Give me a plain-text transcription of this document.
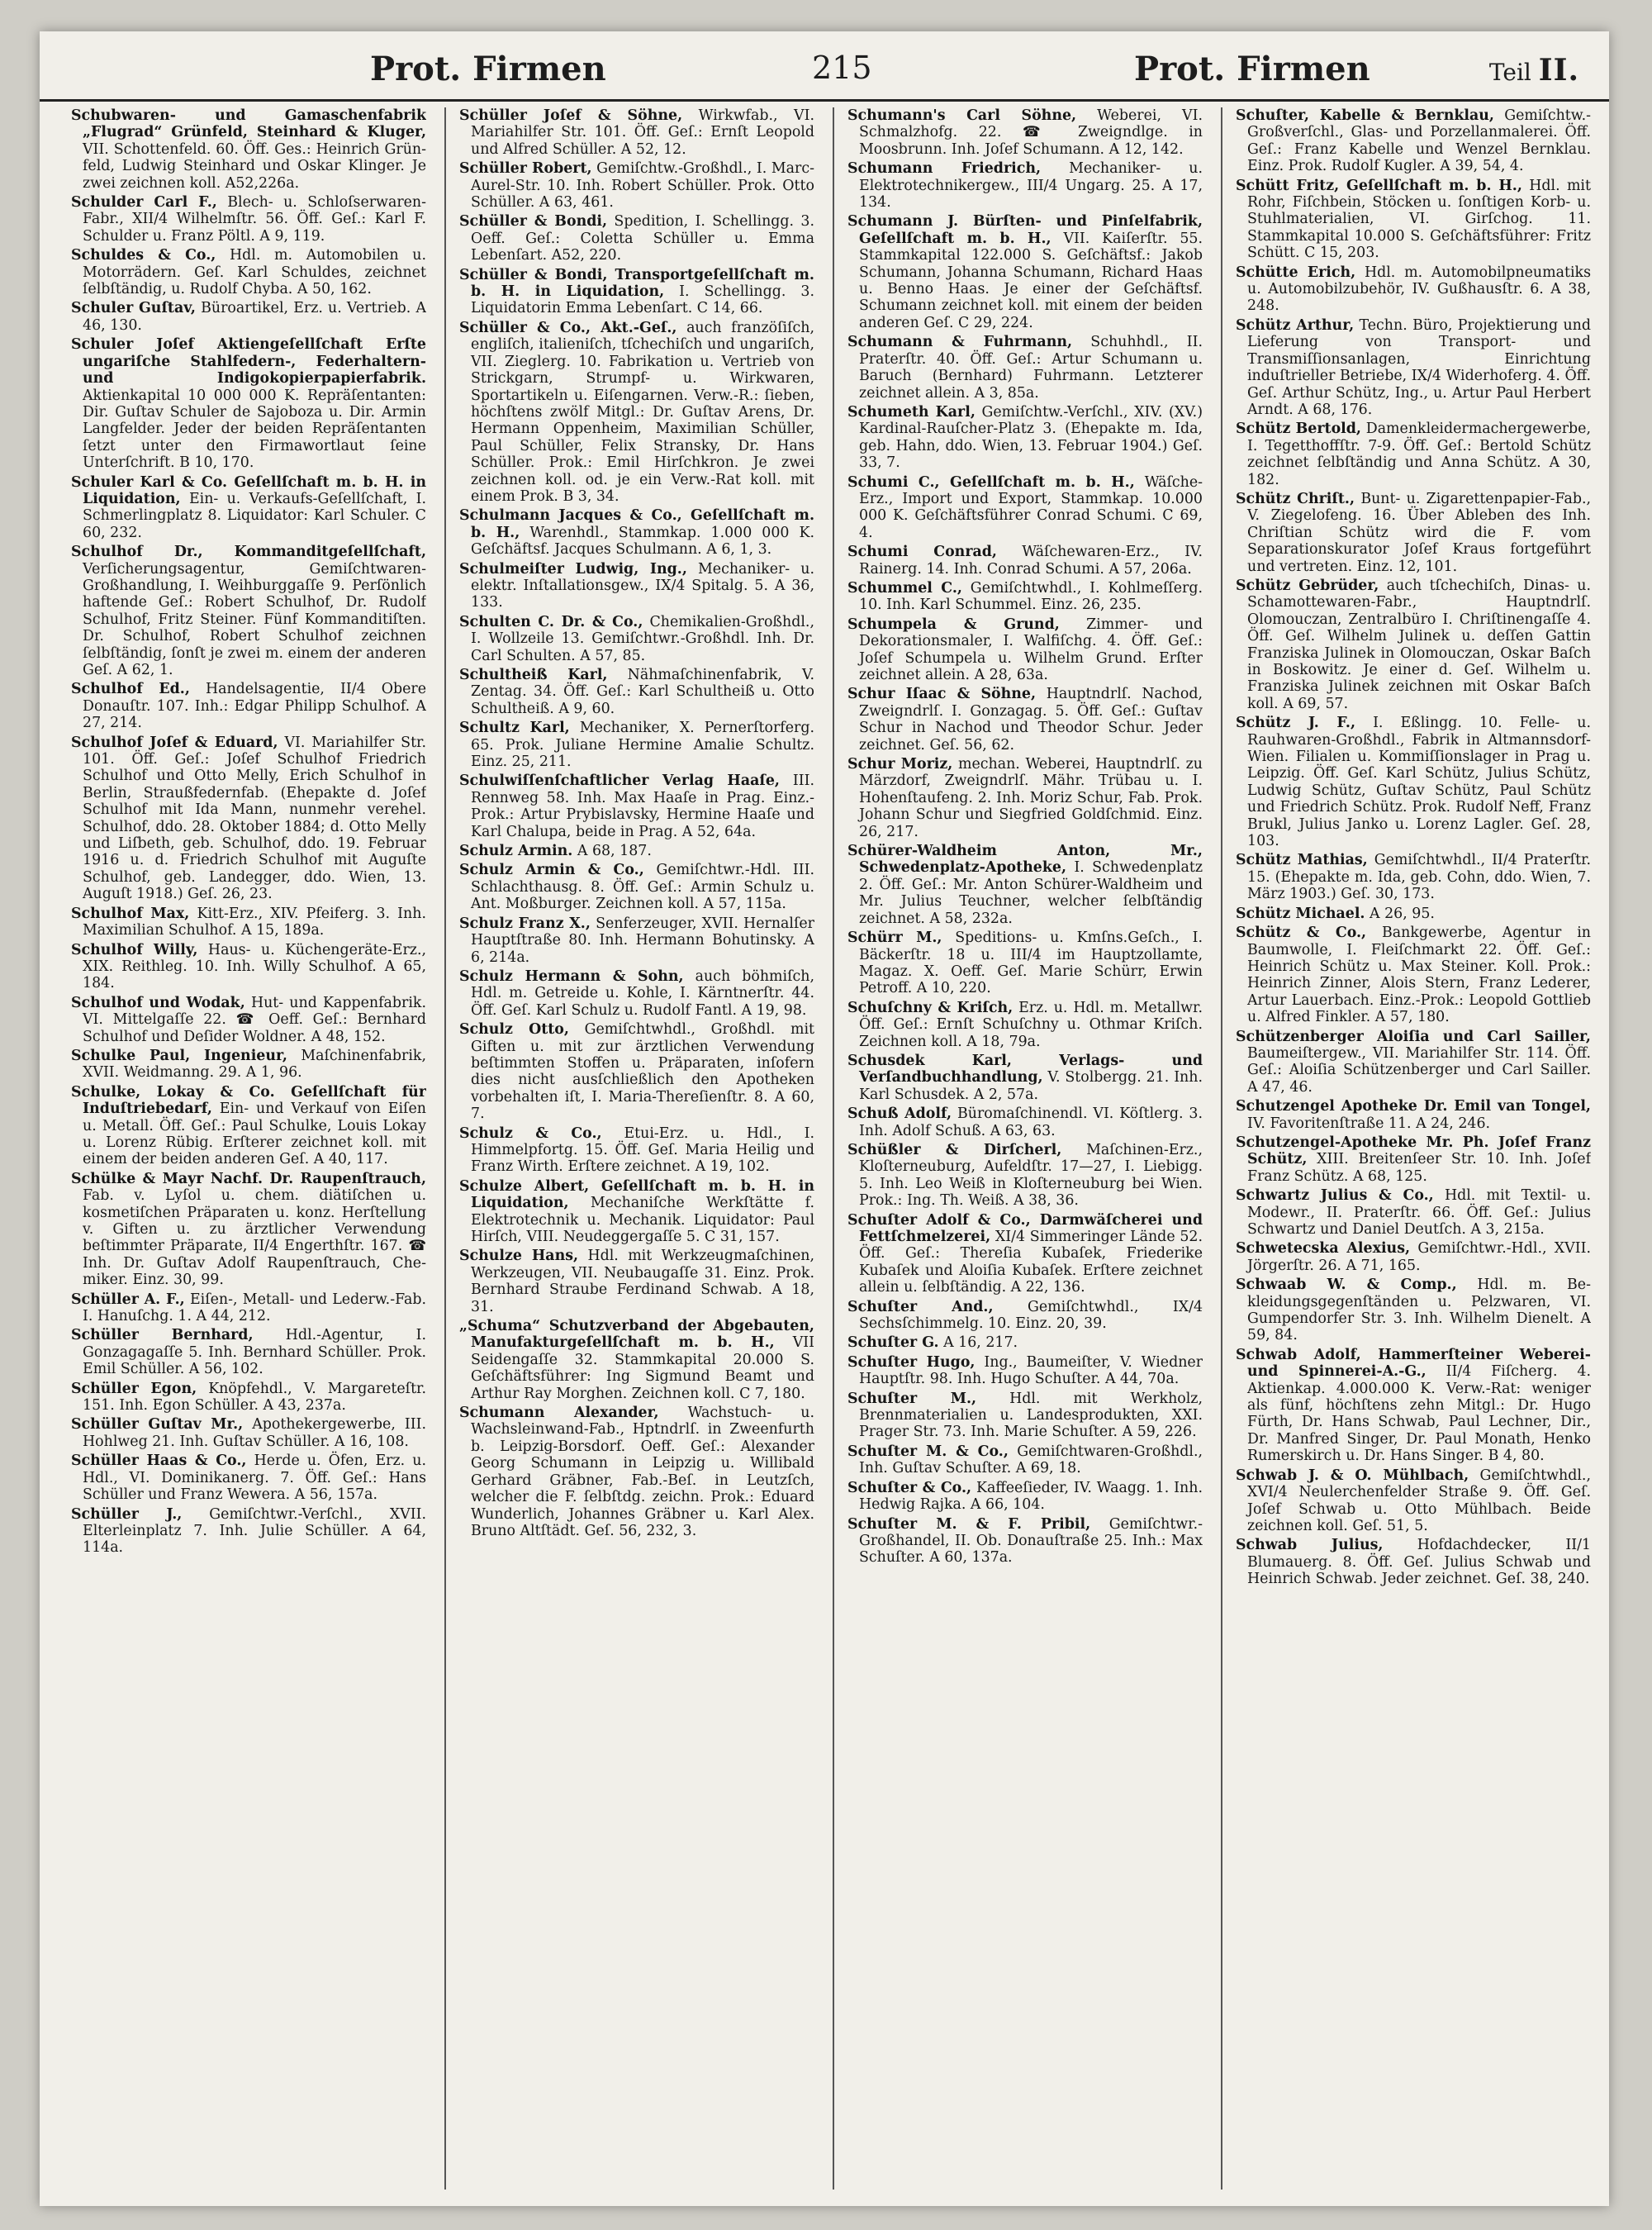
Prot. Firmen	215	Prot. Firmen	Teil II.

Schubwaren- und Gamaschenfabrik „Flugrad“ Grünfeld, Steinhard & Kluger, VII. Schottenfeld. 60. Öff. Ges.: Heinrich Grünfeld, Ludwig Steinhard und Oskar Klinger. Je zwei zeichnen koll. A52,226a.

Schulder Carl F., Blech- u. Schloſserwaren-Fabr., XII/4 Wilhelmſtr. 56. Öff. Geſ.: Karl F. Schulder u. Franz Pöltl. A 9, 119.

Schuldes & Co., Hdl. m. Automobilen u. Motorrädern. Geſ. Karl Schuldes, zeichnet ſelbſtändig, u. Rudolf Chyba. A 50, 162.

Schuler Guſtav, Büroartikel, Erz. u. Vertrieb. A 46, 130.

Schuler Joſef Aktiengeſellſchaft Erſte ungariſche Stahlfedern-, Federhaltern- und Indigokopierpapierfabrik. Aktienkapital 10 000 000 K. Repräſentanten: Dir. Guſtav Schuler de Sajoboza u. Dir. Armin Langfelder. Jeder der beiden Repräſentanten ſetzt unter den Firmawortlaut ſeine Unterſchrift. B 10, 170.

Schuler Karl & Co. Geſellſchaft m. b. H. in Liquidation, Ein- u. Verkaufs-Geſellſchaft, I. Schmerlingplatz 8. Liquidator: Karl Schuler. C 60, 232.

Schulhof Dr., Kommanditgeſellſchaft, Verſicherungsagentur, Gemiſchtwaren-Großhandlung, I. Weihburggaſſe 9. Perſönlich haftende Geſ.: Robert Schulhof, Dr. Rudolf Schulhof, Fritz Steiner. Fünf Kommanditiſten. Dr. Schulhof, Robert Schulhof zeichnen ſelbſtändig, ſonſt je zwei m. einem der anderen Geſ. A 62, 1.

Schulhof Ed., Handelsagentie, II/4 Obere Donauſtr. 107. Inh.: Edgar Philipp Schulhof. A 27, 214.

Schulhof Joſef & Eduard, VI. Mariahilfer Str. 101. Öff. Geſ.: Joſef Schulhof Friedrich Schulhof und Otto Melly, Erich Schulhof in Berlin, Straußfedernfab. (Ehepakte d. Joſef Schulhof mit Ida Mann, nunmehr verehel. Schulhof, ddo. 28. Oktober 1884; d. Otto Melly und Liſbeth, geb. Schulhof, ddo. 19. Februar 1916 u. d. Friedrich Schulhof mit Auguſte Schulhof, geb. Landegger, ddo. Wien, 13. Auguſt 1918.) Geſ. 26, 23.

Schulhof Max, Kitt-Erz., XIV. Pfeiferg. 3. Inh. Maximilian Schulhof. A 15, 189a.

Schulhof Willy, Haus- u. Küchengeräte-Erz., XIX. Reithleg. 10. Inh. Willy Schulhof. A 65, 184.

Schulhof und Wodak, Hut- und Kappenfabrik. VI. Mittelgaſſe 22. ☎ Oeff. Geſ.: Bernhard Schulhof und Deſider Woldner. A 48, 152.

Schulke Paul, Ingenieur, Maſchinenfabrik, XVII. Weidmanng. 29. A 1, 96.

Schulke, Lokay & Co. Geſellſchaft für Induſtriebedarf, Ein- und Verkauf von Eiſen u. Metall. Öff. Geſ.: Paul Schulke, Louis Lokay u. Lorenz Rübig. Erſterer zeichnet koll. mit einem der beiden anderen Geſ. A 40, 117.

Schülke & Mayr Nachf. Dr. Raupenſtrauch, Fab. v. Lyſol u. chem. diätiſchen u. kosmetiſchen Präparaten u. konz. Herſtellung v. Giften u. zu ärztlicher Verwendung beſtimmter Präparate, II/4 Engerthſtr. 167. ☎ Inh. Dr. Guſtav Adolf Raupenſtrauch, Chemiker. Einz. 30, 99.

Schüller A. F., Eiſen-, Metall- und Lederw.-Fab. I. Hanuſchg. 1. A 44, 212.

Schüller Bernhard, Hdl.-Agentur, I. Gonzagagaſſe 5. Inh. Bernhard Schüller. Prok. Emil Schüller. A 56, 102.

Schüller Egon, Knöpfehdl., V. Margareteſtr. 151. Inh. Egon Schüller. A 43, 237a.

Schüller Guſtav Mr., Apothekergewerbe, III. Hohlweg 21. Inh. Guſtav Schüller. A 16, 108.

Schüller Haas & Co., Herde u. Öfen, Erz. u. Hdl., VI. Dominikanerg. 7. Öff. Geſ.: Hans Schüller und Franz Wewera. A 56, 157a.

Schüller J., Gemiſchtwr.-Verſchl., XVII. Elterleinplatz 7. Inh. Julie Schüller. A 64, 114a.

Schüller Joſef & Söhne, Wirkwfab., VI. Mariahilfer Str. 101. Öff. Geſ.: Ernſt Leopold und Alfred Schüller. A 52, 12.

Schüller Robert, Gemiſchtw.-Großhdl., I. Marc-Aurel-Str. 10. Inh. Robert Schüller. Prok. Otto Schüller. A 63, 461.

Schüller & Bondi, Spedition, I. Schellingg. 3. Oeff. Geſ.: Coletta Schüller u. Emma Lebenſart. A52, 220.

Schüller & Bondi, Transportgeſellſchaft m. b. H. in Liquidation, I. Schellingg. 3. Liquidatorin Emma Lebenſart. C 14, 66.

Schüller & Co., Akt.-Geſ., auch franzöſiſch, engliſch, italieniſch, tſchechiſch und ungariſch, VII. Zieglerg. 10. Fabrikation u. Vertrieb von Strickgarn, Strumpf- u. Wirkwaren, Sportartikeln u. Eiſengarnen. Verw.-R.: ſieben, höchſtens zwölf Mitgl.: Dr. Guſtav Arens, Dr. Hermann Oppenheim, Maximilian Schüller, Paul Schüller, Felix Stransky, Dr. Hans Schüller. Prok.: Emil Hirſchkron. Je zwei zeichnen koll. od. je ein Verw.-Rat koll. mit einem Prok. B 3, 34.

Schulmann Jacques & Co., Geſellſchaft m. b. H., Warenhdl., Stammkap. 1.000 000 K. Geſchäftsf. Jacques Schulmann. A 6, 1, 3.

Schulmeiſter Ludwig, Ing., Mechaniker- u. elektr. Inſtallationsgew., IX/4 Spitalg. 5. A 36, 133.

Schulten C. Dr. & Co., Chemikalien-Großhdl., I. Wollzeile 13. Gemiſchtwr.-Großhdl. Inh. Dr. Carl Schulten. A 57, 85.

Schultheiß Karl, Nähmaſchinenfabrik, V. Zentag. 34. Öff. Geſ.: Karl Schultheiß u. Otto Schultheiß. A 9, 60.

Schultz Karl, Mechaniker, X. Pernerſtorferg. 65. Prok. Juliane Hermine Amalie Schultz. Einz. 25, 211.

Schulwiſſenſchaftlicher Verlag Haaſe, III. Rennweg 58. Inh. Max Haaſe in Prag. Einz.-Prok.: Artur Prybislavsky, Hermine Haaſe und Karl Chalupa, beide in Prag. A 52, 64a.

Schulz Armin. A 68, 187.

Schulz Armin & Co., Gemiſchtwr.-Hdl. III. Schlachthausg. 8. Öff. Geſ.: Armin Schulz u. Ant. Moßburger. Zeichnen koll. A 57, 115a.

Schulz Franz X., Senferzeuger, XVII. Hernalſer Hauptſtraße 80. Inh. Hermann Bohutinsky. A 6, 214a.

Schulz Hermann & Sohn, auch böhmiſch, Hdl. m. Getreide u. Kohle, I. Kärntnerſtr. 44. Öff. Geſ. Karl Schulz u. Rudolf Fantl. A 19, 98.

Schulz Otto, Gemiſchtwhdl., Großhdl. mit Giften u. mit zur ärztlichen Verwendung beſtimmten Stoffen u. Präparaten, inſofern dies nicht ausſchließlich den Apotheken vorbehalten iſt, I. Maria-Thereſienſtr. 8. A 60, 7.

Schulz & Co., Etui-Erz. u. Hdl., I. Himmelpfortg. 15. Öff. Geſ. Maria Heilig und Franz Wirth. Erſtere zeichnet. A 19, 102.

Schulze Albert, Geſellſchaft m. b. H. in Liquidation, Mechaniſche Werkſtätte f. Elektrotechnik u. Mechanik. Liquidator: Paul Hirſch, VIII. Neudeggergaſſe 5. C 31, 157.

Schulze Hans, Hdl. mit Werkzeugmaſchinen, Werkzeugen, VII. Neubaugaſſe 31. Einz. Prok. Bernhard Straube Ferdinand Schwab. A 18, 31.

„Schuma“ Schutzverband der Abgebauten, Manufakturgeſellſchaft m. b. H., VII Seidengaſſe 32. Stammkapital 20.000 S. Geſchäftsführer: Ing Sigmund Beamt und Arthur Ray Morghen. Zeichnen koll. C 7, 180.

Schumann Alexander, Wachstuch- u. Wachsleinwand-Fab., Hptndrlſ. in Zweenfurth b. Leipzig-Borsdorf. Oeff. Geſ.: Alexander Georg Schumann in Leipzig u. Willibald Gerhard Gräbner, Fab.-Beſ. in Leutzſch, welcher die F. ſelbſtdg. zeichn. Prok.: Eduard Wunderlich, Johannes Gräbner u. Karl Alex. Bruno Altſtädt. Geſ. 56, 232, 3.

Schumann's Carl Söhne, Weberei, VI. Schmalzhofg. 22. ☎ Zweigndlge. in Moosbrunn. Inh. Joſef Schumann. A 12, 142.

Schumann Friedrich, Mechaniker- u. Elektrotechnikergew., III/4 Ungarg. 25. A 17, 134.

Schumann J. Bürſten- und Pinſelfabrik, Geſellſchaft m. b. H., VII. Kaiſerſtr. 55. Stammkapital 122.000 S. Geſchäftsf.: Jakob Schumann, Johanna Schumann, Richard Haas u. Benno Haas. Je einer der Geſchäftsf. Schumann zeichnet koll. mit einem der beiden anderen Geſ. C 29, 224.

Schumann & Fuhrmann, Schuhhdl., II. Praterſtr. 40. Öff. Geſ.: Artur Schumann u. Baruch (Bernhard) Fuhrmann. Letzterer zeichnet allein. A 3, 85a.

Schumeth Karl, Gemiſchtw.-Verſchl., XIV. (XV.) Kardinal-Rauſcher-Platz 3. (Ehepakte m. Ida, geb. Hahn, ddo. Wien, 13. Februar 1904.) Geſ. 33, 7.

Schumi C., Geſellſchaft m. b. H., Wäſche-Erz., Import und Export, Stammkap. 10.000 000 K. Geſchäftsführer Conrad Schumi. C 69, 4.

Schumi Conrad, Wäſchewaren-Erz., IV. Rainerg. 14. Inh. Conrad Schumi. A 57, 206a.

Schummel C., Gemiſchtwhdl., I. Kohlmeſſerg. 10. Inh. Karl Schummel. Einz. 26, 235.

Schumpela & Grund, Zimmer- und Dekorationsmaler, I. Walfiſchg. 4. Öff. Geſ.: Joſef Schumpela u. Wilhelm Grund. Erſter zeichnet allein. A 28, 63a.

Schur Iſaac & Söhne, Hauptndrlſ. Nachod, Zweigndrlſ. I. Gonzagag. 5. Öff. Geſ.: Guſtav Schur in Nachod und Theodor Schur. Jeder zeichnet. Geſ. 56, 62.

Schur Moriz, mechan. Weberei, Hauptndrlſ. zu Märzdorf, Zweigndrlſ. Mähr. Trübau u. I. Hohenſtaufeng. 2. Inh. Moriz Schur, Fab. Prok. Johann Schur und Siegfried Goldſchmid. Einz. 26, 217.

Schürer-Waldheim Anton, Mr., Schwedenplatz-Apotheke, I. Schwedenplatz 2. Öff. Geſ.: Mr. Anton Schürer-Waldheim und Mr. Julius Teuchner, welcher ſelbſtändig zeichnet. A 58, 232a.

Schürr M., Speditions- u. Kmſns.Geſch., I. Bäckerſtr. 18 u. III/4 im Hauptzollamte, Magaz. X. Oeff. Geſ. Marie Schürr, Erwin Petroff. A 10, 220.

Schuſchny & Kriſch, Erz. u. Hdl. m. Metallwr. Öff. Geſ.: Ernſt Schuſchny u. Othmar Kriſch. Zeichnen koll. A 18, 79a.

Schusdek Karl, Verlags- und Verſandbuchhandlung, V. Stolbergg. 21. Inh. Karl Schusdek. A 2, 57a.

Schuß Adolf, Büromaſchinendl. VI. Köſtlerg. 3. Inh. Adolf Schuß. A 63, 63.

Schüßler & Dirſcherl, Maſchinen-Erz., Kloſterneuburg, Aufeldſtr. 17—27, I. Liebigg. 5. Inh. Leo Weiß in Kloſterneuburg bei Wien. Prok.: Ing. Th. Weiß. A 38, 36.

Schuſter Adolf & Co., Darmwäſcherei und Fettſchmelzerei, XI/4 Simmeringer Lände 52. Öff. Geſ.: Thereſia Kubaſek, Friederike Kubaſek und Aloiſia Kubaſek. Erſtere zeichnet allein u. ſelbſtändig. A 22, 136.

Schuſter And., Gemiſchtwhdl., IX/4 Sechsſchimmelg. 10. Einz. 20, 39.

Schuſter G. A 16, 217.

Schuſter Hugo, Ing., Baumeiſter, V. Wiedner Hauptſtr. 98. Inh. Hugo Schuſter. A 44, 70a.

Schuſter M., Hdl. mit Werkholz, Brennmaterialien u. Landesprodukten, XXI. Prager Str. 73. Inh. Marie Schuſter. A 59, 226.

Schuſter M. & Co., Gemiſchtwaren-Großhdl., Inh. Guſtav Schuſter. A 69, 18.

Schuſter & Co., Kaffeeſieder, IV. Waagg. 1. Inh. Hedwig Rajka. A 66, 104.

Schuſter M. & F. Pribil, Gemiſchtwr.-Großhandel, II. Ob. Donauſtraße 25. Inh.: Max Schuſter. A 60, 137a.

Schuſter, Kabelle & Bernklau, Gemiſchtw.-Großverſchl., Glas- und Porzellanmalerei. Öff. Geſ.: Franz Kabelle und Wenzel Bernklau. Einz. Prok. Rudolf Kugler. A 39, 54, 4.

Schütt Fritz, Geſellſchaft m. b. H., Hdl. mit Rohr, Fiſchbein, Stöcken u. ſonſtigen Korb- u. Stuhlmaterialien, VI. Girſchog. 11. Stammkapital 10.000 S. Geſchäftsführer: Fritz Schütt. C 15, 203.

Schütte Erich, Hdl. m. Automobilpneumatiks u. Automobilzubehör, IV. Gußhausſtr. 6. A 38, 248.

Schütz Arthur, Techn. Büro, Projektierung und Lieferung von Transport- und Transmiſſionsanlagen, Einrichtung induſtrieller Betriebe, IX/4 Widerhoferg. 4. Öff. Geſ. Arthur Schütz, Ing., u. Artur Paul Herbert Arndt. A 68, 176.

Schütz Bertold, Damenkleidermachergewerbe, I. Tegetthoffſtr. 7-9. Öff. Geſ.: Bertold Schütz zeichnet ſelbſtändig und Anna Schütz. A 30, 182.

Schütz Chriſt., Bunt- u. Zigarettenpapier-Fab., V. Ziegelofeng. 16. Über Ableben des Inh. Chriſtian Schütz wird die F. vom Separationskurator Joſef Kraus fortgeführt und vertreten. Einz. 12, 101.

Schütz Gebrüder, auch tſchechiſch, Dinas- u. Schamottewaren-Fabr., Hauptndrlſ. Olomouczan, Zentralbüro I. Chriſtinengaſſe 4. Öff. Geſ. Wilhelm Julinek u. deſſen Gattin Franziska Julinek in Olomouczan, Oskar Baſch in Boskowitz. Je einer d. Geſ. Wilhelm u. Franziska Julinek zeichnen mit Oskar Baſch koll. A 69, 57.

Schütz J. F., I. Eßlingg. 10. Felle- u. Rauhwaren-Großhdl., Fabrik in Altmannsdorf-Wien. Filialen u. Kommiſſionslager in Prag u. Leipzig. Öff. Geſ. Karl Schütz, Julius Schütz, Ludwig Schütz, Guſtav Schütz, Paul Schütz und Friedrich Schütz. Prok. Rudolf Neff, Franz Brukl, Julius Janko u. Lorenz Lagler. Geſ. 28, 103.

Schütz Mathias, Gemiſchtwhdl., II/4 Praterſtr. 15. (Ehepakte m. Ida, geb. Cohn, ddo. Wien, 7. März 1903.) Geſ. 30, 173.

Schütz Michael. A 26, 95.

Schütz & Co., Bankgewerbe, Agentur in Baumwolle, I. Fleiſchmarkt 22. Öff. Geſ.: Heinrich Schütz u. Max Steiner. Koll. Prok.: Heinrich Zinner, Alois Stern, Franz Lederer, Artur Lauerbach. Einz.-Prok.: Leopold Gottlieb u. Alfred Finkler. A 57, 180.

Schützenberger Aloiſia und Carl Sailler, Baumeiſtergew., VII. Mariahilfer Str. 114. Öff. Geſ.: Aloiſia Schützenberger und Carl Sailler. A 47, 46.

Schutzengel Apotheke Dr. Emil van Tongel, IV. Favoritenſtraße 11. A 24, 246.

Schutzengel-Apotheke Mr. Ph. Joſef Franz Schütz, XIII. Breitenſeer Str. 10. Inh. Joſef Franz Schütz. A 68, 125.

Schwartz Julius & Co., Hdl. mit Textil- u. Modewr., II. Praterſtr. 66. Öff. Geſ.: Julius Schwartz und Daniel Deutſch. A 3, 215a.

Schwetecska Alexius, Gemiſchtwr.-Hdl., XVII. Jörgerſtr. 26. A 71, 165.

Schwaab W. & Comp., Hdl. m. Bekleidungsgegenſtänden u. Pelzwaren, VI. Gumpendorfer Str. 3. Inh. Wilhelm Dienelt. A 59, 84.

Schwab Adolf, Hammerſteiner Weberei- und Spinnerei-A.-G., II/4 Fiſcherg. 4. Aktienkap. 4.000.000 K. Verw.-Rat: weniger als fünf, höchſtens zehn Mitgl.: Dr. Hugo Fürth, Dr. Hans Schwab, Paul Lechner, Dir., Dr. Manfred Singer, Dr. Paul Monath, Henko Rumerskirch u. Dr. Hans Singer. B 4, 80.

Schwab J. & O. Mühlbach, Gemiſchtwhdl., XVI/4 Neulerchenfelder Straße 9. Öff. Geſ. Joſef Schwab u. Otto Mühlbach. Beide zeichnen koll. Geſ. 51, 5.

Schwab Julius, Hofdachdecker, II/1 Blumauerg. 8. Öff. Geſ. Julius Schwab und Heinrich Schwab. Jeder zeichnet. Geſ. 38, 240.
